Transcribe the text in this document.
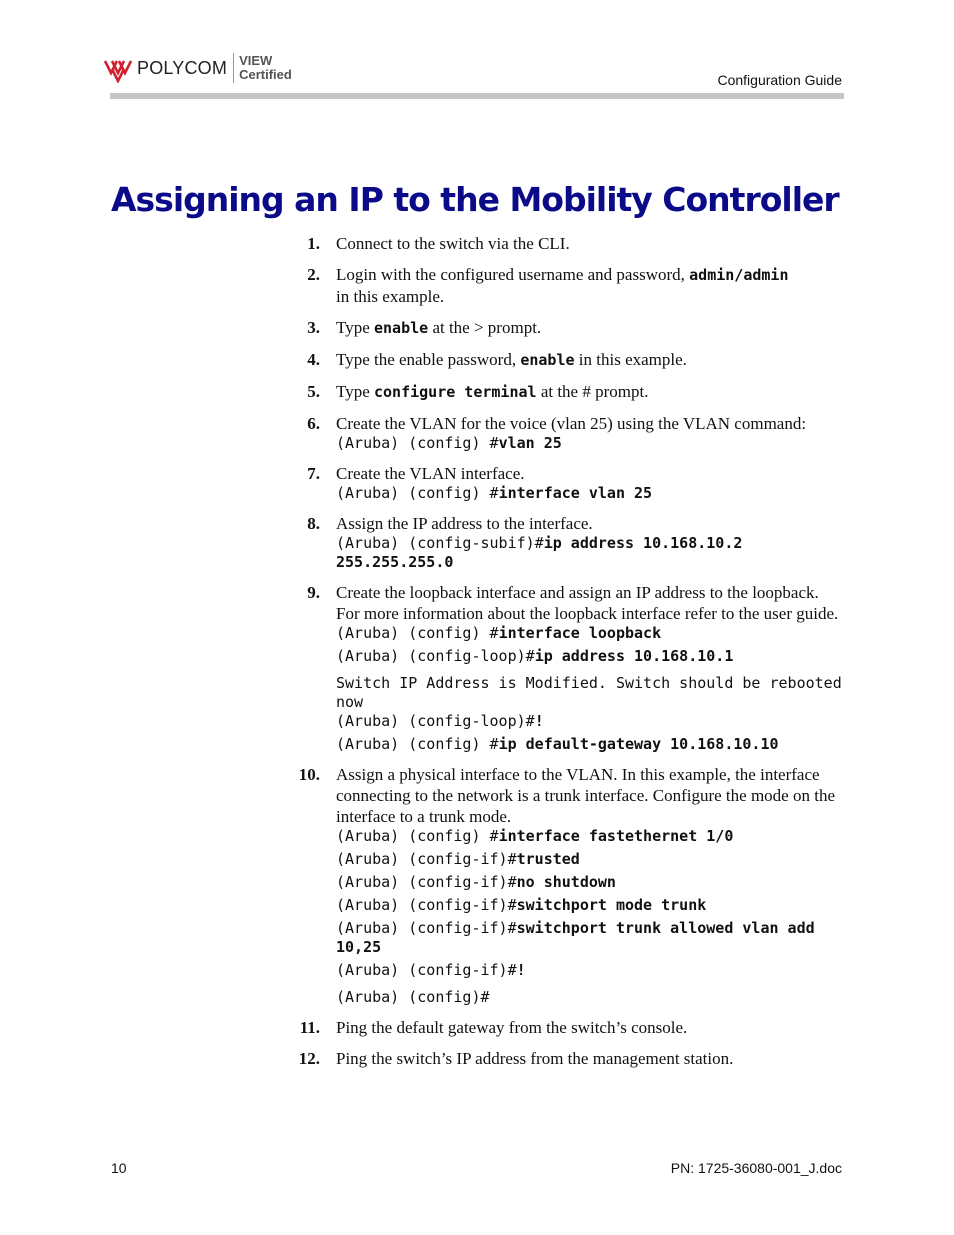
POLYCOM VIEW
Certified	Configuration Guide
Assigning an IP to the Mobility Controller
1. Connect to the switch via the CLI.
2. Login with the configured username and password, admin/admin
in this example.
3. Type enable at the > prompt.
4. Type the enable password, enable in this example.
5. Type configure terminal at the # prompt.
6. Create the VLAN for the voice (vlan 25) using the VLAN command:
(Aruba) (config) #vlan 25
7. Create the VLAN interface.
(Aruba) (config) #interface vlan 25
8. Assign the IP address to the interface.
(Aruba) (config-subif)#ip address 10.168.10.2 255.255.255.0
9. Create the loopback interface and assign an IP address to the loopback. For more information about the loopback interface refer to the user guide.
(Aruba) (config) #interface loopback
(Aruba) (config-loop)#ip address 10.168.10.1
Switch IP Address is Modified. Switch should be rebooted now
(Aruba) (config-loop)#!
(Aruba) (config) #ip default-gateway 10.168.10.10
10. Assign a physical interface to the VLAN. In this example, the interface connecting to the network is a trunk interface. Configure the mode on the interface to a trunk mode.
(Aruba) (config) #interface fastethernet 1/0
(Aruba) (config-if)#trusted
(Aruba) (config-if)#no shutdown
(Aruba) (config-if)#switchport mode trunk
(Aruba) (config-if)#switchport trunk allowed vlan add 10,25
(Aruba) (config-if)#!
(Aruba) (config)#
11. Ping the default gateway from the switch’s console.
12. Ping the switch’s IP address from the management station.
10	PN: 1725-36080-001_J.doc
